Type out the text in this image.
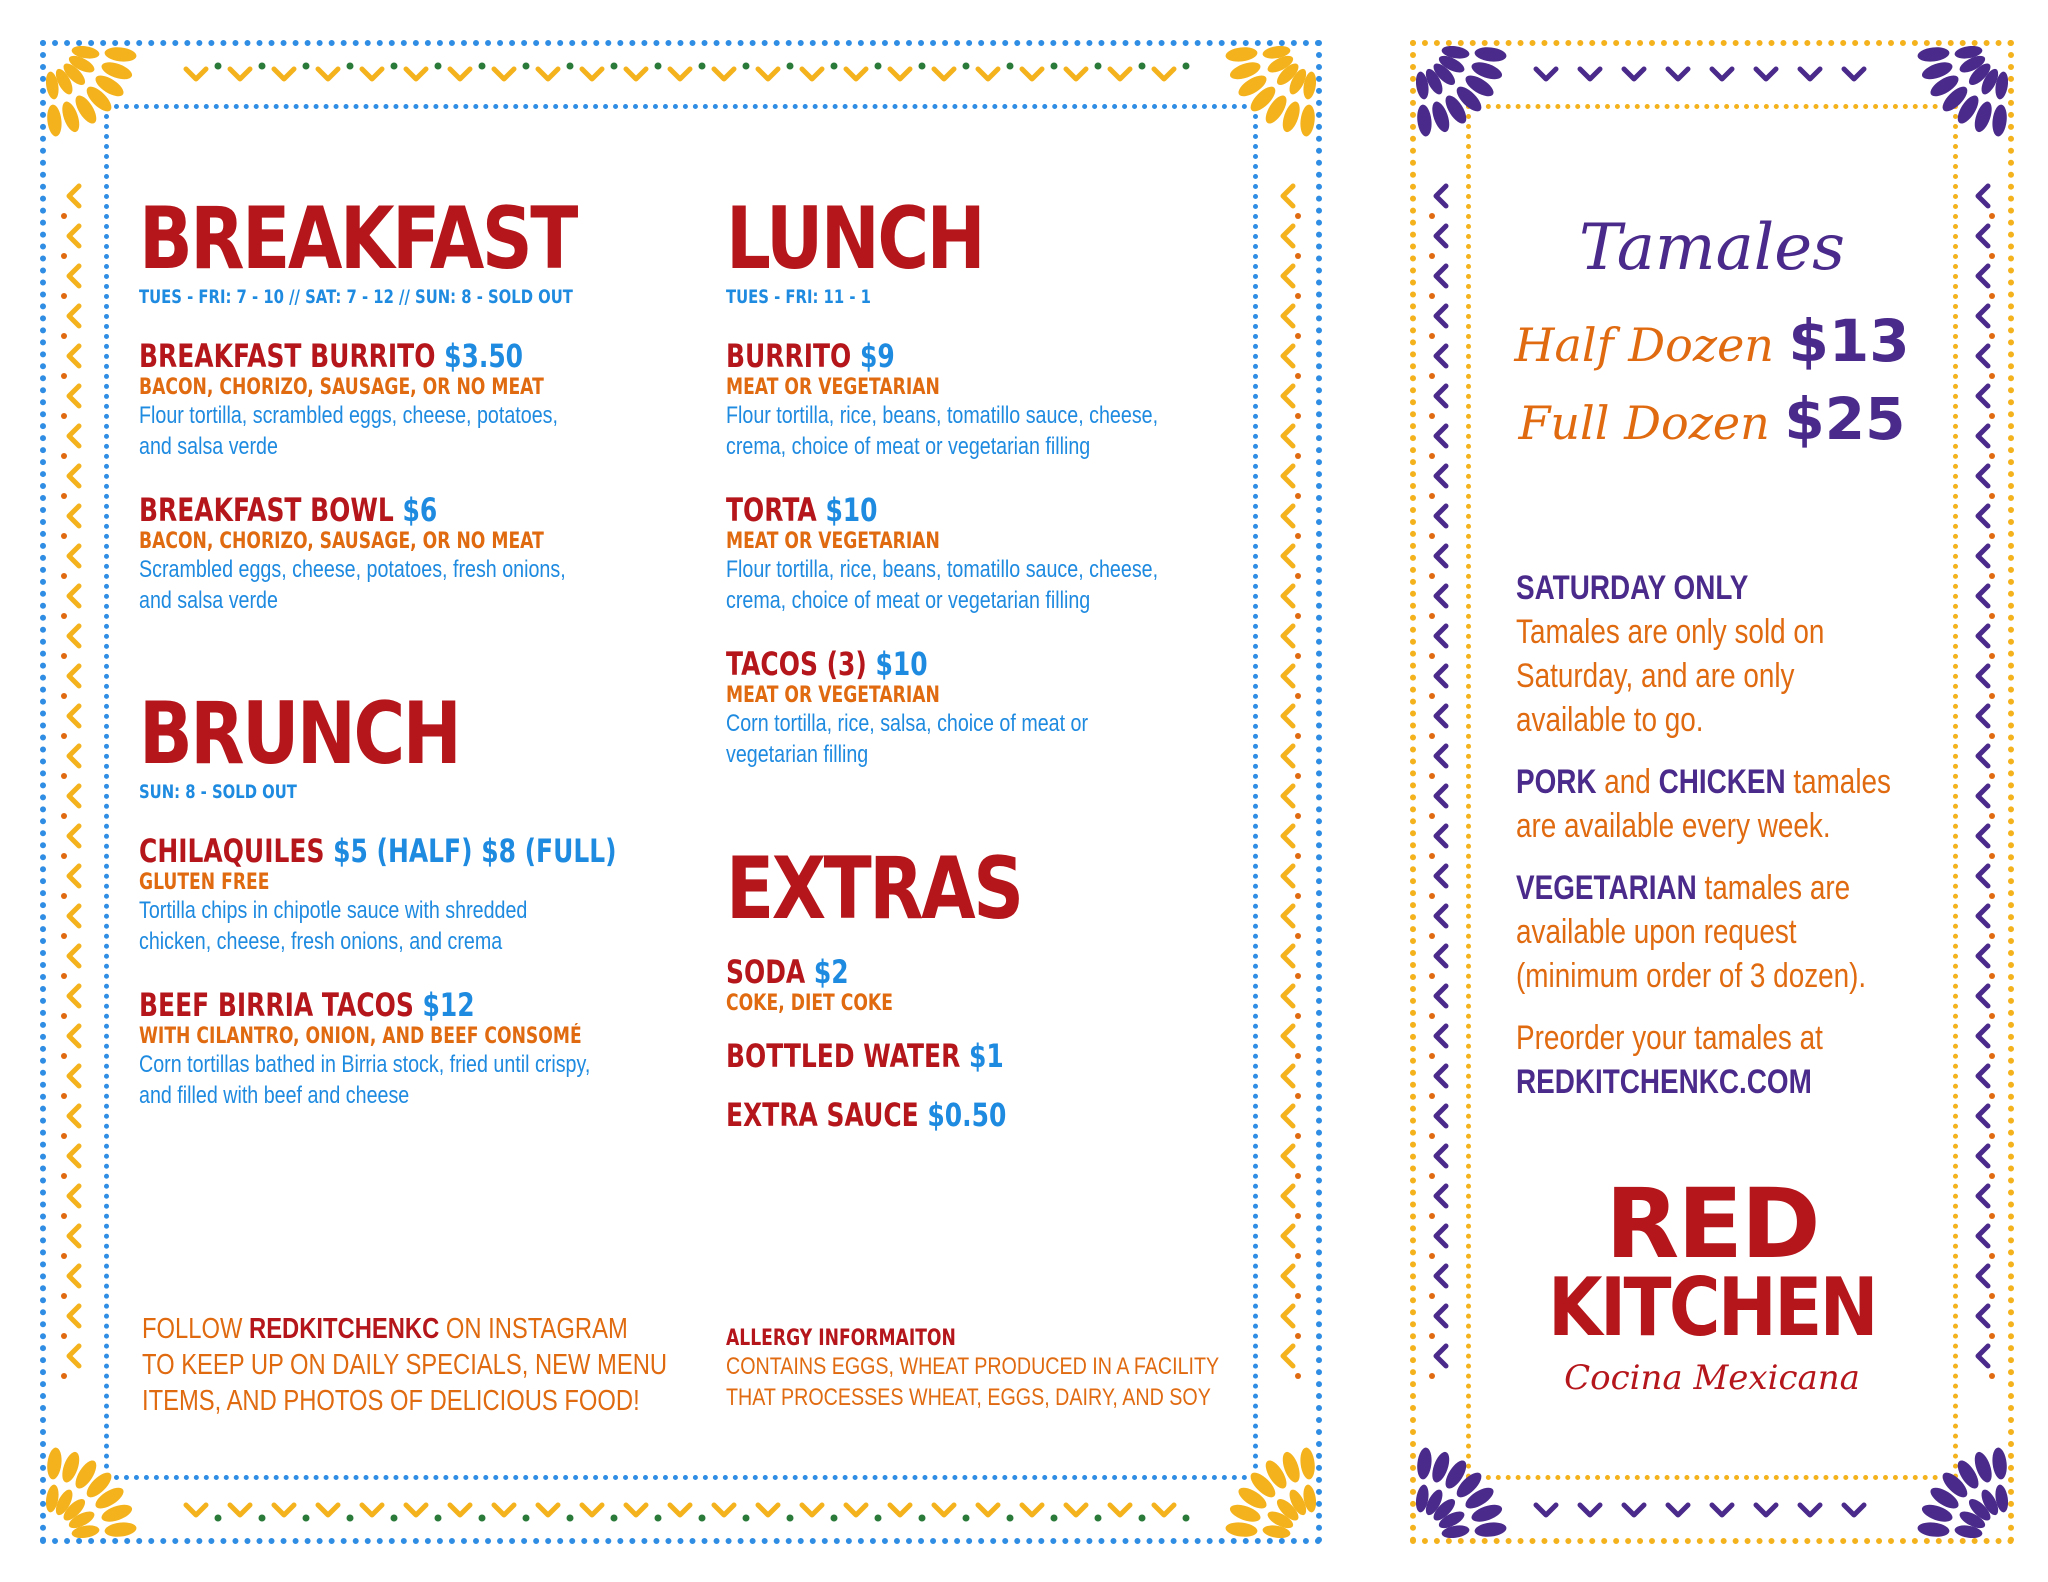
BREAKFAST
TUES - FRI: 7 - 10 // SAT: 7 - 12 // SUN: 8 - SOLD OUT
BREAKFAST BURRITO $3.50
BACON, CHORIZO, SAUSAGE, OR NO MEAT
Flour tortilla, scrambled eggs, cheese, potatoes,
and salsa verde
BREAKFAST BOWL $6
BACON, CHORIZO, SAUSAGE, OR NO MEAT
Scrambled eggs, cheese, potatoes, fresh onions,
and salsa verde
BRUNCH
SUN: 8 - SOLD OUT
CHILAQUILES $5 (HALF) $8 (FULL)
GLUTEN FREE
Tortilla chips in chipotle sauce with shredded
chicken, cheese, fresh onions, and crema
BEEF BIRRIA TACOS $12
WITH CILANTRO, ONION, AND BEEF CONSOMÉ
Corn tortillas bathed in Birria stock, fried until crispy,
and filled with beef and cheese
LUNCH
TUES - FRI: 11 - 1
BURRITO $9
MEAT OR VEGETARIAN
Flour tortilla, rice, beans, tomatillo sauce, cheese,
crema, choice of meat or vegetarian filling
TORTA $10
MEAT OR VEGETARIAN
Flour tortilla, rice, beans, tomatillo sauce, cheese,
crema, choice of meat or vegetarian filling
TACOS (3) $10
MEAT OR VEGETARIAN
Corn tortilla, rice, salsa, choice of meat or
vegetarian filling
EXTRAS
SODA $2
COKE, DIET COKE
BOTTLED WATER $1
EXTRA SAUCE $0.50
FOLLOW REDKITCHENKC ON INSTAGRAM
TO KEEP UP ON DAILY SPECIALS, NEW MENU
ITEMS, AND PHOTOS OF DELICIOUS FOOD!
ALLERGY INFORMAITON
CONTAINS EGGS, WHEAT PRODUCED IN A FACILITY
THAT PROCESSES WHEAT, EGGS, DAIRY, AND SOY
Tamales
Half Dozen $13
Full Dozen $25
SATURDAY ONLY
Tamales are only sold on
Saturday, and are only
available to go.
PORK and CHICKEN tamales
are available every week.
VEGETARIAN tamales are
available upon request
(minimum order of 3 dozen).
Preorder your tamales at
REDKITCHENKC.COM
RED
KITCHEN
Cocina Mexicana
